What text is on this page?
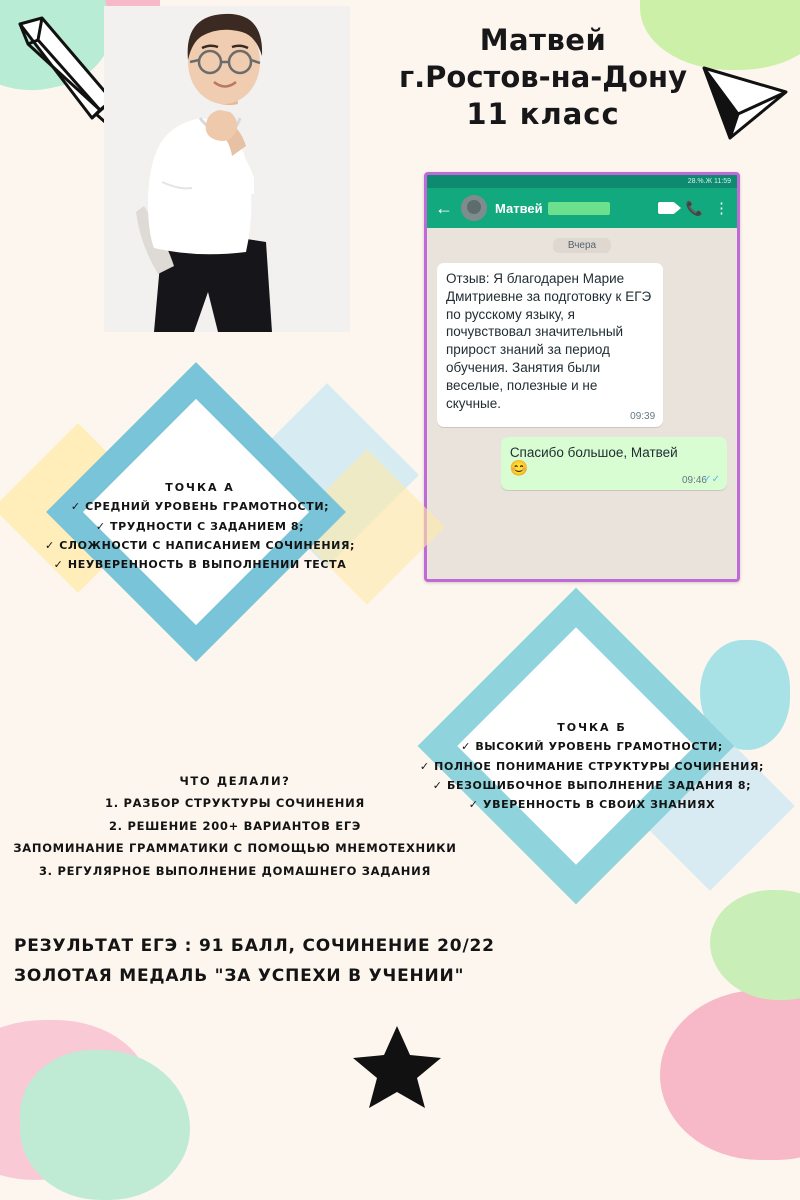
Матвей
г.Ростов-на-Дону
11 класс
28.%.Ж 11:59
←	Матвей	📞 ⋮
Вчера
Отзыв: Я благодарен Марие Дмитриевне за подготовку к ЕГЭ по русскому языку, я почувствовал значительный прирост знаний за период обучения. Занятия были веселые, полезные и не скучные.
09:39
Спасибо большое, Матвей
😊
09:46
✓✓
ТОЧКА А
✓ СРЕДНИЙ УРОВЕНЬ ГРАМОТНОСТИ;
✓ ТРУДНОСТИ С ЗАДАНИЕМ 8;
✓ СЛОЖНОСТИ С НАПИСАНИЕМ СОЧИНЕНИЯ;
✓ НЕУВЕРЕННОСТЬ В ВЫПОЛНЕНИИ ТЕСТА
ТОЧКА Б
✓ ВЫСОКИЙ УРОВЕНЬ ГРАМОТНОСТИ;
✓ ПОЛНОЕ ПОНИМАНИЕ СТРУКТУРЫ СОЧИНЕНИЯ;
✓ БЕЗОШИБОЧНОЕ ВЫПОЛНЕНИЕ ЗАДАНИЯ 8;
✓ УВЕРЕННОСТЬ В СВОИХ ЗНАНИЯХ
ЧТО ДЕЛАЛИ?
1. РАЗБОР СТРУКТУРЫ СОЧИНЕНИЯ
2. РЕШЕНИЕ 200+ ВАРИАНТОВ ЕГЭ
ЗАПОМИНАНИЕ ГРАММАТИКИ С ПОМОЩЬЮ МНЕМОТЕХНИКИ
3. РЕГУЛЯРНОЕ ВЫПОЛНЕНИЕ ДОМАШНЕГО ЗАДАНИЯ
РЕЗУЛЬТАТ ЕГЭ : 91 БАЛЛ, СОЧИНЕНИЕ 20/22
ЗОЛОТАЯ МЕДАЛЬ "ЗА УСПЕХИ В УЧЕНИИ"
